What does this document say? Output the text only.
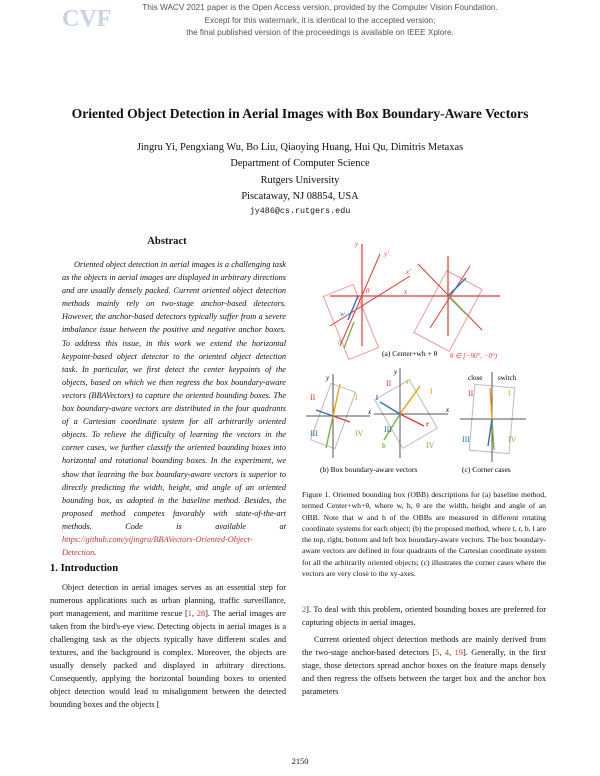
CVF	This WACV 2021 paper is the Open Access version, provided by the Computer Vision Foundation.
Except for this watermark, it is identical to the accepted version;
the final published version of the proceedings is available on IEEE Xplore.
Oriented Object Detection in Aerial Images with Box Boundary-Aware Vectors
Jingru Yi, Pengxiang Wu, Bo Liu, Qiaoying Huang, Hui Qu, Dimitris Metaxas
Department of Computer Science
Rutgers University
Piscataway, NJ 08854, USA
jy486@cs.rutgers.edu
Abstract
Oriented object detection in aerial images is a challenging task as the objects in aerial images are displayed in arbitrary directions and are usually densely packed. Current oriented object detection methods mainly rely on two-stage anchor-based detectors. However, the anchor-based detectors typically suffer from a severe imbalance issue between the positive and negative anchor boxes. To address this issue, in this work we extend the horizontal keypoint-based object detector to the oriented object detection task. In particular, we first detect the center keypoints of the objects, based on which we then regress the box boundary-aware vectors (BBAVectors) to capture the oriented bounding boxes. The box boundary-aware vectors are distributed in the four quadrants of a Cartesian coordinate system for all arbitrarily oriented objects. To relieve the difficulty of learning the vectors in the corner cases, we further classify the oriented bounding boxes into horizontal and rotational bounding boxes. In the experiment, we show that learning the box boundary-aware vectors is superior to directly predicting the width, height, and angle of an oriented bounding box, as adopted in the baseline method. Besides, the proposed method competes favorably with state-of-the-art methods. Code is available at https://github.com/yijingru/BBAVectors-Oriented-Object-Detection.
1. Introduction
y
y'
x'
x
θ
w
h
θ ∈ [−90°, −0°)
(a) Center+wh + θ
y
x
I
II
III	IV
y
x
t
r
b
l
I
II
III
IV
(b) Box boundary-aware vectors
close switch
I
II
III	IV
(c) Corner cases
Figure 1. Oriented bounding box (OBB) descriptions for (a) baseline method, termed Center+wh+θ, where w, h, θ are the width, height and angle of an OBB. Note that w and h of the OBBs are measured in different rotating coordinate systems for each object; (b) the proposed method, where t, r, b, l are the top, right, bottom and left box boundary-aware vectors. The box boundary-aware vectors are defined in four quadrants of the Cartesian coordinate system for all the arbitrarily oriented objects; (c) illustrates the corner cases where the vectors are very close to the xy-axes.
Object detection in aerial images serves as an essential step for numerous applications such as urban planning, traffic surveillance, port management, and maritime rescue [1, 28]. The aerial images are taken from the bird's-eye view. Detecting objects in aerial images is a challenging task as the objects typically have different scales and textures, and the background is complex. Moreover, the objects are usually densely packed and displayed in arbitrary directions. Consequently, applying the horizontal bounding boxes to oriented object detection would lead to misalignment between the detected bounding boxes and the objects [

2]. To deal with this problem, oriented bounding boxes are preferred for capturing objects in aerial images.

Current oriented object detection methods are mainly derived from the two-stage anchor-based detectors [5, 4, 19]. Generally, in the first stage, those detectors spread anchor boxes on the feature maps densely and then regress the offsets between the target box and the anchor box parameters

2150
